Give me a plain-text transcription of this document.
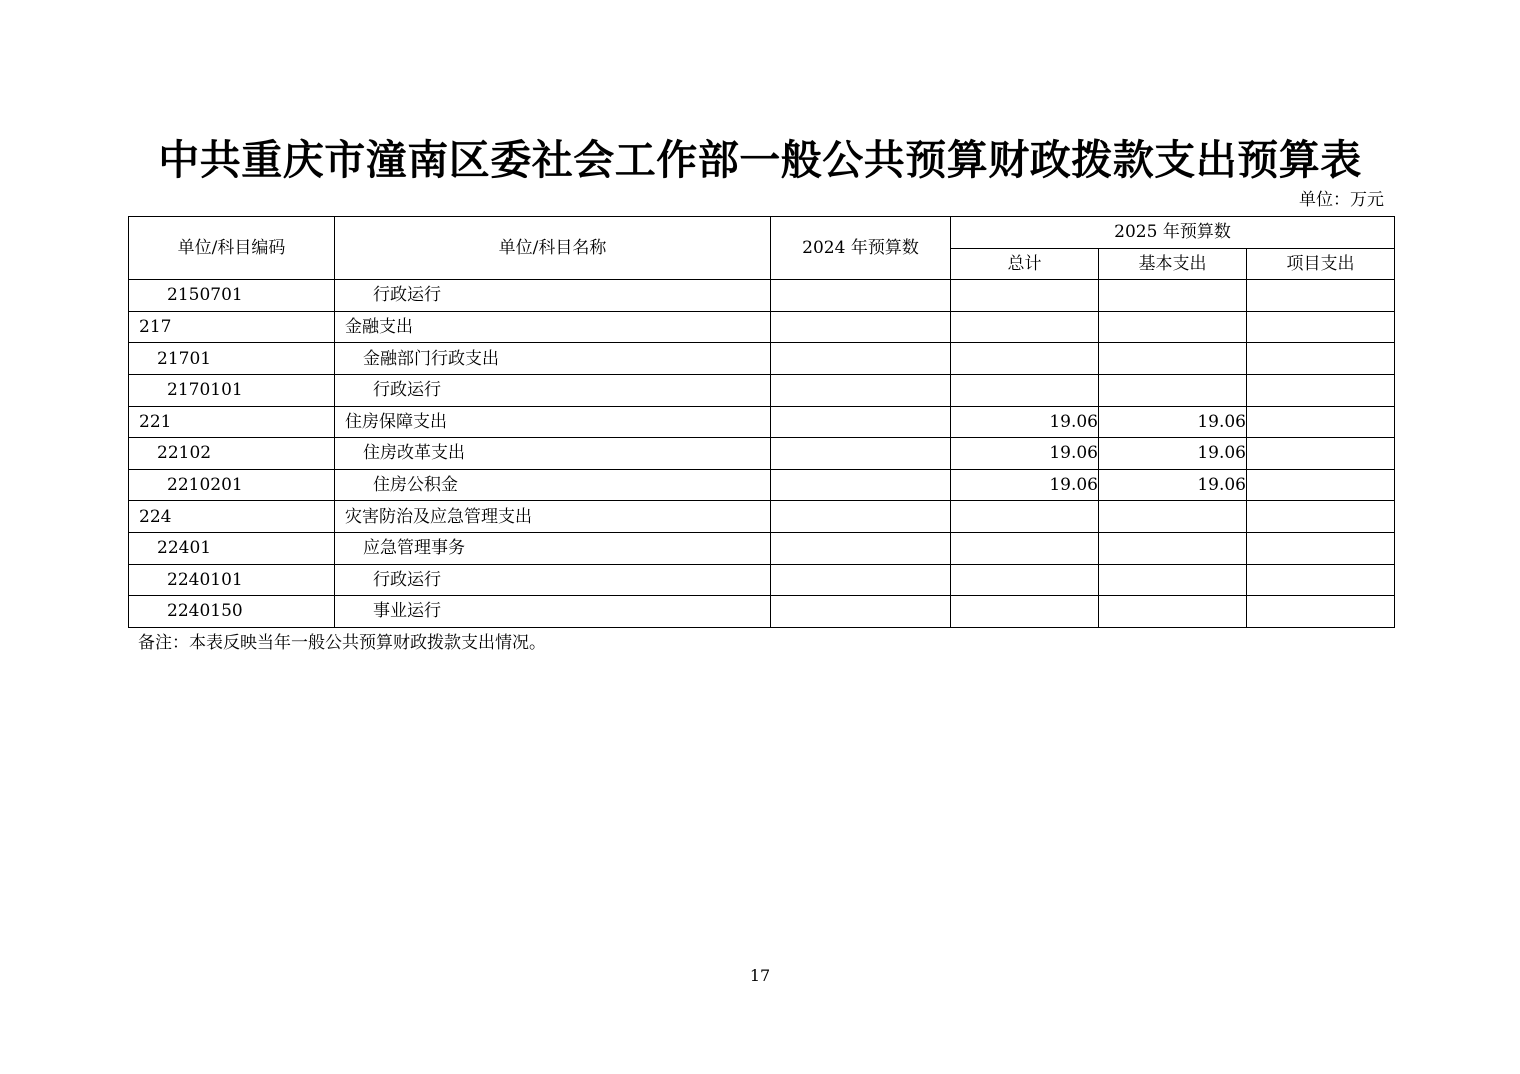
中共重庆市潼南区委社会工作部一般公共预算财政拨款支出预算表
单位：万元
单位/科目编码	单位/科目名称	2024 年预算数	2025 年预算数		
			总计	基本支出	项目支出
2150701	行政运行				
217	金融支出				
21701	金融部门行政支出				
2170101	行政运行				
221	住房保障支出		19.06	19.06	
22102	住房改革支出		19.06	19.06	
2210201	住房公积金		19.06	19.06	
224	灾害防治及应急管理支出				
22401	应急管理事务				
2240101	行政运行				
2240150	事业运行				
备注：本表反映当年一般公共预算财政拨款支出情况。
17
